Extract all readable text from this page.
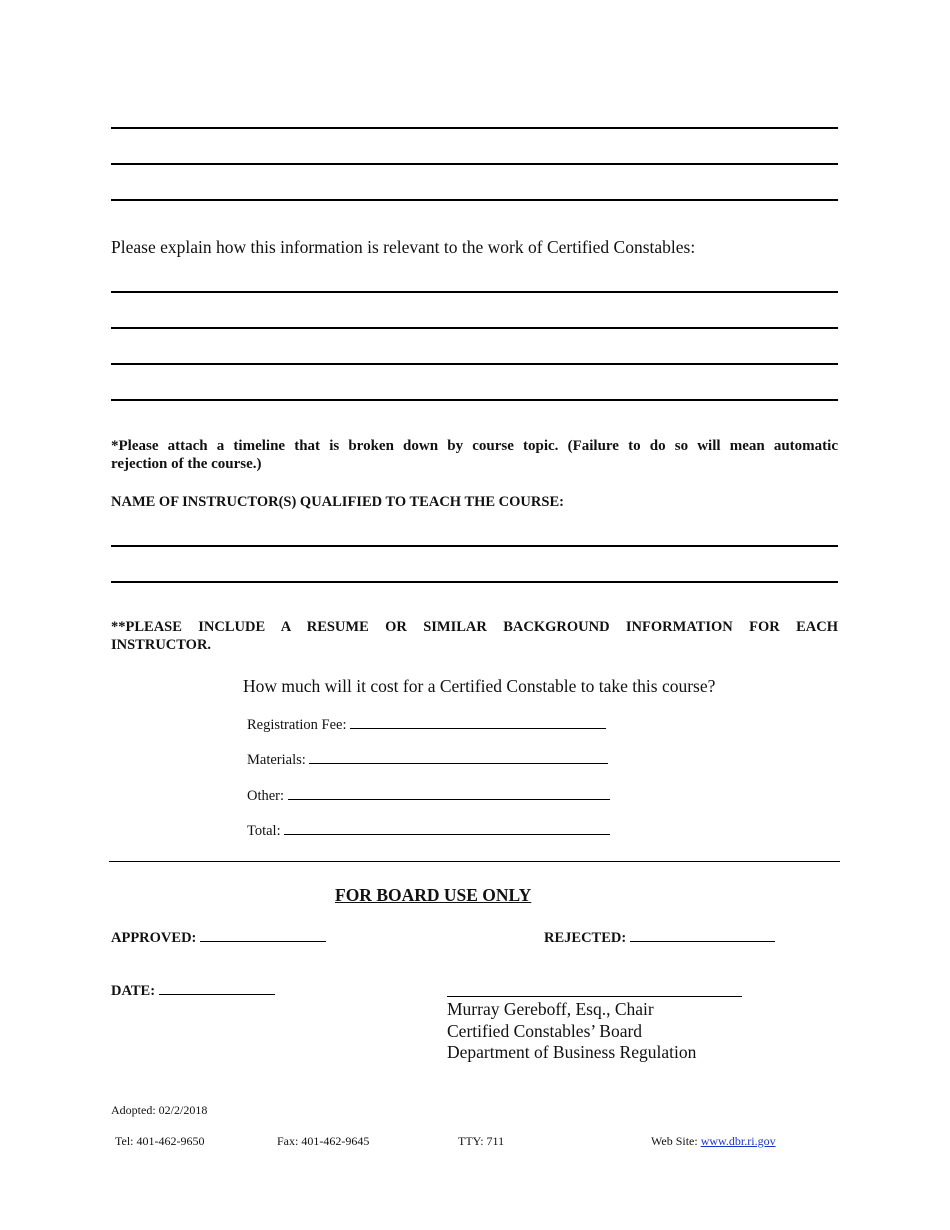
Please explain how this information is relevant to the work of Certified Constables:
*Please attach a timeline that is broken down by course topic. (Failure to do so will mean automatic
rejection of the course.)
NAME OF INSTRUCTOR(S) QUALIFIED TO TEACH THE COURSE:
**PLEASE INCLUDE A RESUME OR SIMILAR BACKGROUND INFORMATION FOR EACH
INSTRUCTOR.
How much will it cost for a Certified Constable to take this course?
Registration Fee:
Materials:
Other:
Total:
FOR BOARD USE ONLY
APPROVED:	REJECTED:
DATE:
Murray Gereboff, Esq., Chair
Certified Constables’ Board
Department of Business Regulation
Adopted: 02/2/2018
Tel: 401-462-9650	Fax: 401-462-9645	TTY: 711	Web Site: www.dbr.ri.gov
